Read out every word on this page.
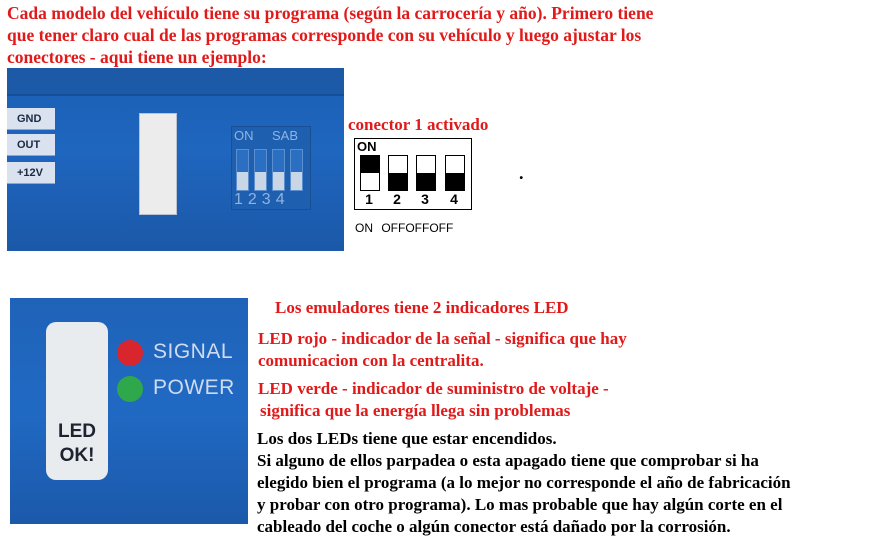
Cada modelo del vehículo tiene su programa (según la carrocería y año). Primero tiene
que tener claro cual de las programas corresponde con su vehículo y luego ajustar los
conectores - aqui tiene un ejemplo:
GND
OUT
+12V
ON SAB
1234
conector 1 activado
ON
1	2	3	4
ON OFFOFFOFF
.
LED
OK!
SIGNAL
POWER
Los emuladores tiene 2 indicadores LED
LED rojo - indicador de la señal - significa que hay
comunicacion con la centralita.
LED verde - indicador de suministro de voltaje -
significa que la energía llega sin problemas
Los dos LEDs tiene que estar encendidos.
Si alguno de ellos parpadea o esta apagado tiene que comprobar si ha
elegido bien el programa (a lo mejor no corresponde el año de fabricación
y probar con otro programa). Lo mas probable que hay algún corte en el
cableado del coche o algún conector está dañado por la corrosión.
